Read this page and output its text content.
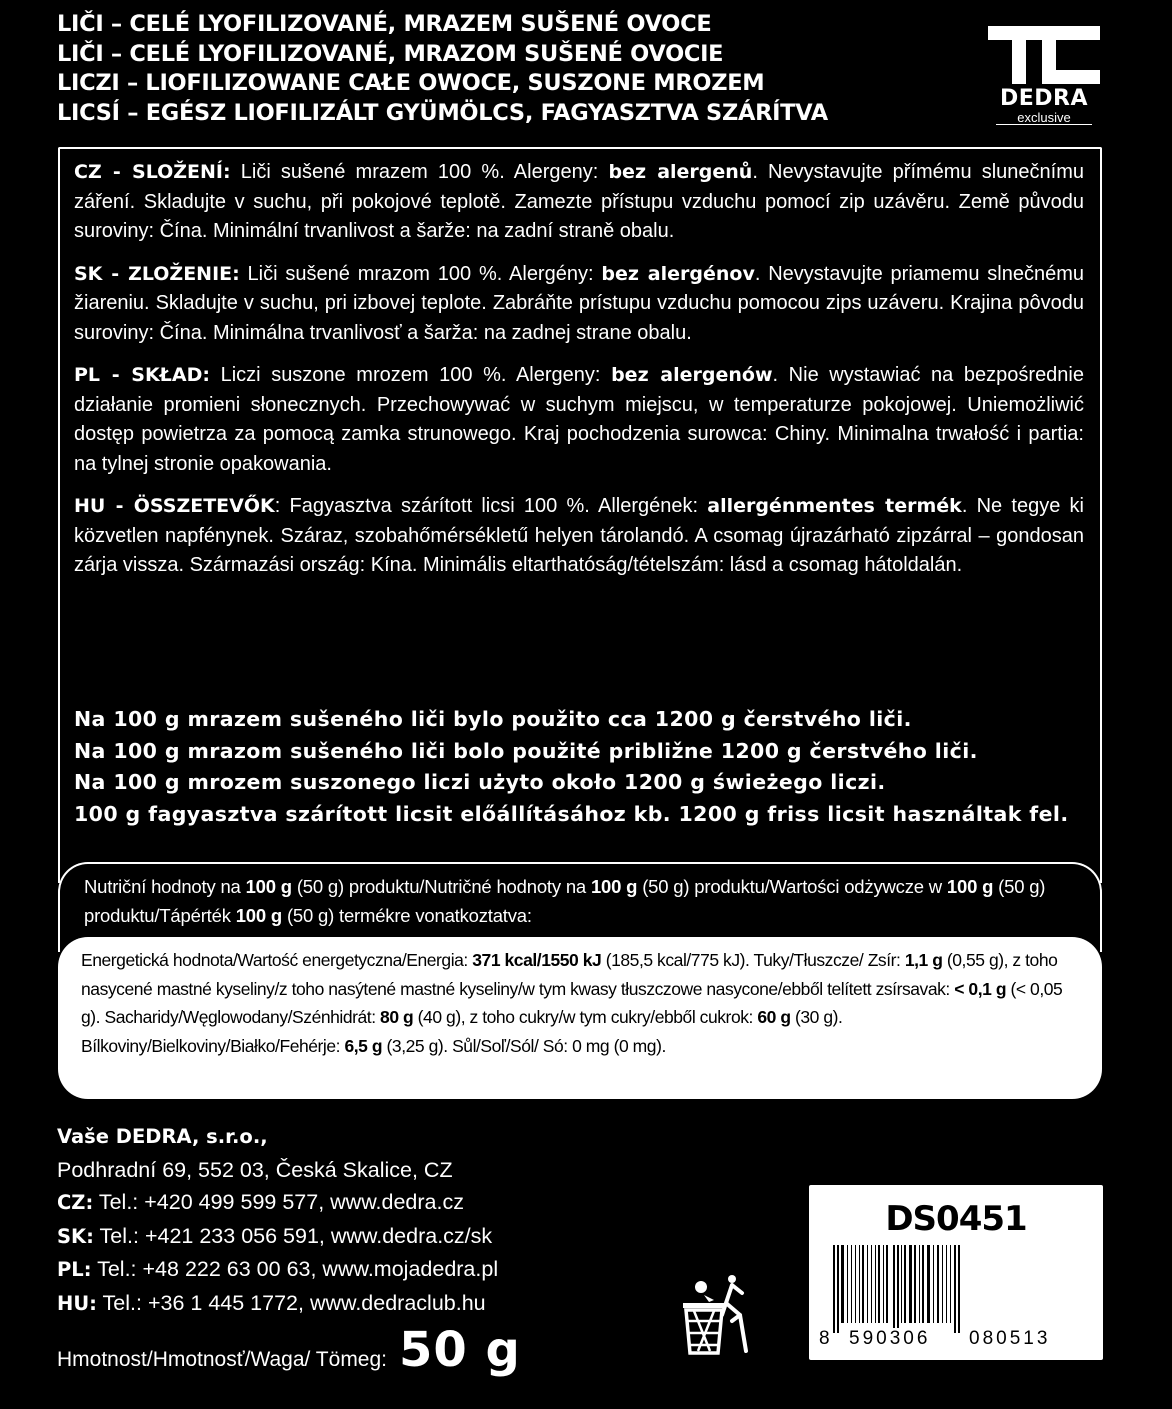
LIČI – CELÉ LYOFILIZOVANÉ, MRAZEM SUŠENÉ OVOCE
LIČI – CELÉ LYOFILIZOVANÉ, MRAZOM SUŠENÉ OVOCIE
LICZI – LIOFILIZOWANE CAŁE OWOCE, SUSZONE MROZEM
LICSÍ – EGÉSZ LIOFILIZÁLT GYÜMÖLCS, FAGYASZTVA SZÁRÍTVA
DEDRA
exclusive

CZ - SLOŽENÍ: Liči sušené mrazem 100 %. Alergeny: bez alergenů. Nevystavujte přímému slunečnímu záření. Skladujte v suchu, při pokojové teplotě. Zamezte přístupu vzduchu pomocí zip uzávěru. Země původu suroviny: Čína. Minimální trvanlivost a šarže: na zadní straně obalu.

SK - ZLOŽENIE: Liči sušené mrazom 100 %. Alergény: bez alergénov. Nevystavujte priamemu slnečnému žiareniu. Skladujte v suchu, pri izbovej teplote. Zabráňte prístupu vzduchu pomocou zips uzáveru. Krajina pôvodu suroviny: Čína. Minimálna trvanlivosť a šarža: na zadnej strane obalu.

PL - SKŁAD: Liczi suszone mrozem 100 %. Alergeny: bez alergenów. Nie wystawiać na bezpośrednie działanie promieni słonecznych. Przechowywać w suchym miejscu, w temperaturze pokojowej. Uniemożliwić dostęp powietrza za pomocą zamka strunowego. Kraj pochodzenia surowca: Chiny. Minimalna trwałość i partia: na tylnej stronie opakowania.

HU - ÖSSZETEVŐK: Fagyasztva szárított licsi 100 %. Allergének: allergénmentes termék. Ne tegye ki közvetlen napfénynek. Száraz, szobahőmérsékletű helyen tárolandó. A csomag újrazárható zipzárral – gondosan zárja vissza. Származási ország: Kína. Minimális eltarthatóság/tételszám: lásd a csomag hátoldalán.

Na 100 g mrazem sušeného liči bylo použito cca 1200 g čerstvého liči.
Na 100 g mrazom sušeného liči bolo použité približne 1200 g čerstvého liči.
Na 100 g mrozem suszonego liczi użyto około 1200 g świeżego liczi.
100 g fagyasztva szárított licsit előállításához kb. 1200 g friss licsit használtak fel.
Nutriční hodnoty na 100 g (50 g) produktu/Nutričné hodnoty na 100 g (50 g) produktu/Wartości odżywcze w 100 g (50 g) produktu/Tápérték 100 g (50 g) termékre vonatkoztatva:
Energetická hodnota/Wartość energetyczna/Energia: 371 kcal/1550 kJ (185,5 kcal/775 kJ). Tuky/Tłuszcze/ Zsír: 1,1 g (0,55 g), z toho nasycené mastné kyseliny/z toho nasýtené mastné kyseliny/w tym kwasy tłuszczowe nasycone/ebből telített zsírsavak: < 0,1 g (< 0,05 g). Sacharidy/Węglowodany/Szénhidrát: 80 g (40 g), z toho cukry/w tym cukry/ebből cukrok: 60 g (30 g). Bílkoviny/Bielkoviny/Białko/Fehérje: 6,5 g (3,25 g). Sůl/Soľ/Sól/ Só: 0 mg (0 mg).
Vaše DEDRA, s.r.o.,
Podhradní 69, 552 03, Česká Skalice, CZ
CZ: Tel.: +420 499 599 577, www.dedra.cz
SK: Tel.: +421 233 056 591, www.dedra.cz/sk
PL: Tel.: +48 222 63 00 63, www.mojadedra.pl
HU: Tel.: +36 1 445 1772, www.dedraclub.hu
Hmotnost/Hmotnosť/Waga/ Tömeg: 50 g
DS0451
8 590306 080513
